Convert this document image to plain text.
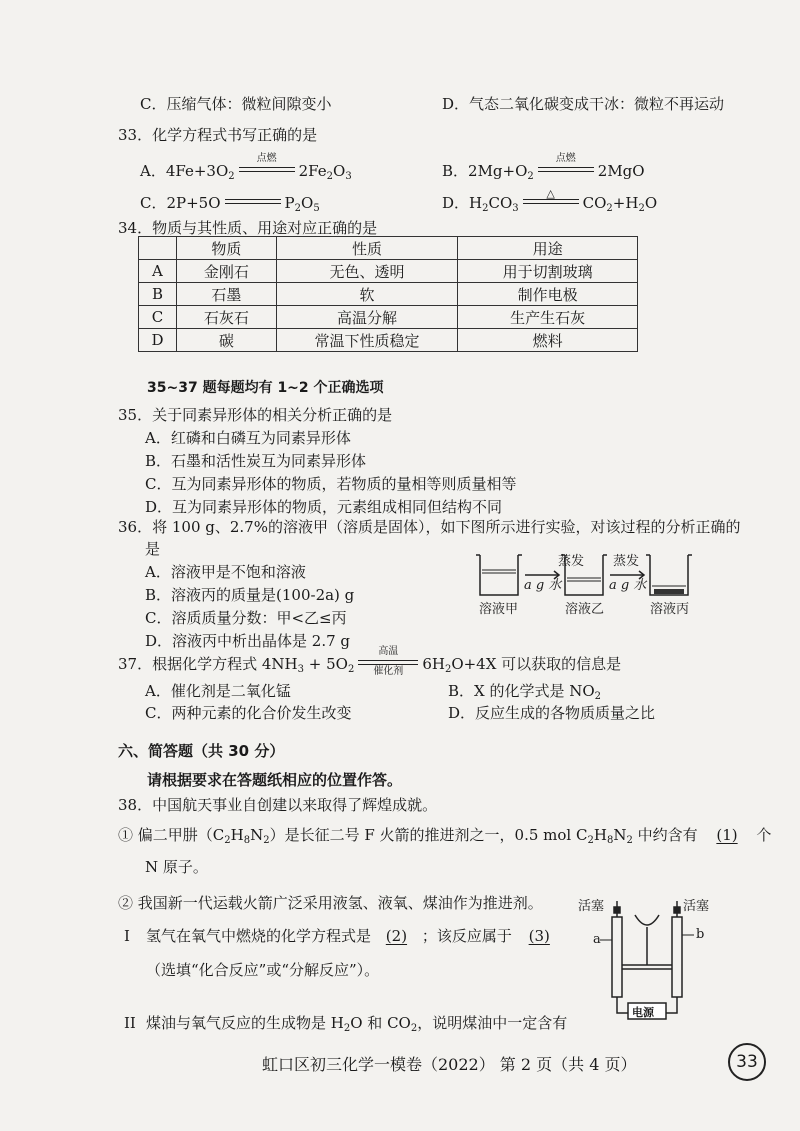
C．压缩气体：微粒间隙变小	D．气态二氧化碳变成干冰：微粒不再运动
33．化学方程式书写正确的是
A．$4Fe+3O_2$
点燃
$2Fe_2O_3$	B．$2Mg+O_2$
点燃
2MgO
C．2P+5O	$P_2O_5$	D．$H_2CO_3$
△
$CO_2+H_2O$
34．物质与其性质、用途对应正确的是
	物质	性质	用途
A	金刚石	无色、透明	用于切割玻璃
B	石墨	软	制作电极
C	石灰石	高温分解	生产生石灰
D	碳	常温下性质稳定	燃料
35~37 题每题均有 1~2 个正确选项
35．关于同素异形体的相关分析正确的是
A．红磷和白磷互为同素异形体
B．石墨和活性炭互为同素异形体
C．互为同素异形体的物质，若物质的量相等则质量相等
D．互为同素异形体的物质，元素组成相同但结构不同
36．将 100 g、2.7%的溶液甲（溶质是固体），如下图所示进行实验，对该过程的分析正确的
是
A．溶液甲是不饱和溶液
B．溶液丙的质量是(100-2a) g
C．溶质质量分数：甲<乙≤丙
D．溶液丙中析出晶体是 2.7 g
蒸发
a g 水
蒸发
a g 水
溶液甲	溶液乙	溶液丙
37．根据化学方程式 $4NH_3 + 5O_2$
高温
催化剂	$6H_2O+4X$ 可以获取的信息是
A．催化剂是二氧化锰	B．X 的化学式是 $NO_2$
C．两种元素的化合价发生改变	D．反应生成的各物质质量之比
六、简答题（共 30 分）
请根据要求在答题纸相应的位置作答。
38．中国航天事业自创建以来取得了辉煌成就。
① 偏二甲肼$(C_2H_8N_2)$是长征二号 F 火箭的推进剂之一，0.5 mol $C_2H_8N_2$ 中约含有 (1) 个
N 原子。
② 我国新一代运载火箭广泛采用液氢、液氧、煤油作为推进剂。
I 氢气在氧气中燃烧的化学方程式是 (2) ；该反应属于 (3)
（选填“化合反应”或“分解反应”）。
II 煤油与氧气反应的生成物是 $H_2O$ 和 $CO_2$，说明煤油中一定含有
活塞	活塞
a	b
电源
虹口区初三化学一模卷（2022） 第 2 页（共 4 页）	33
